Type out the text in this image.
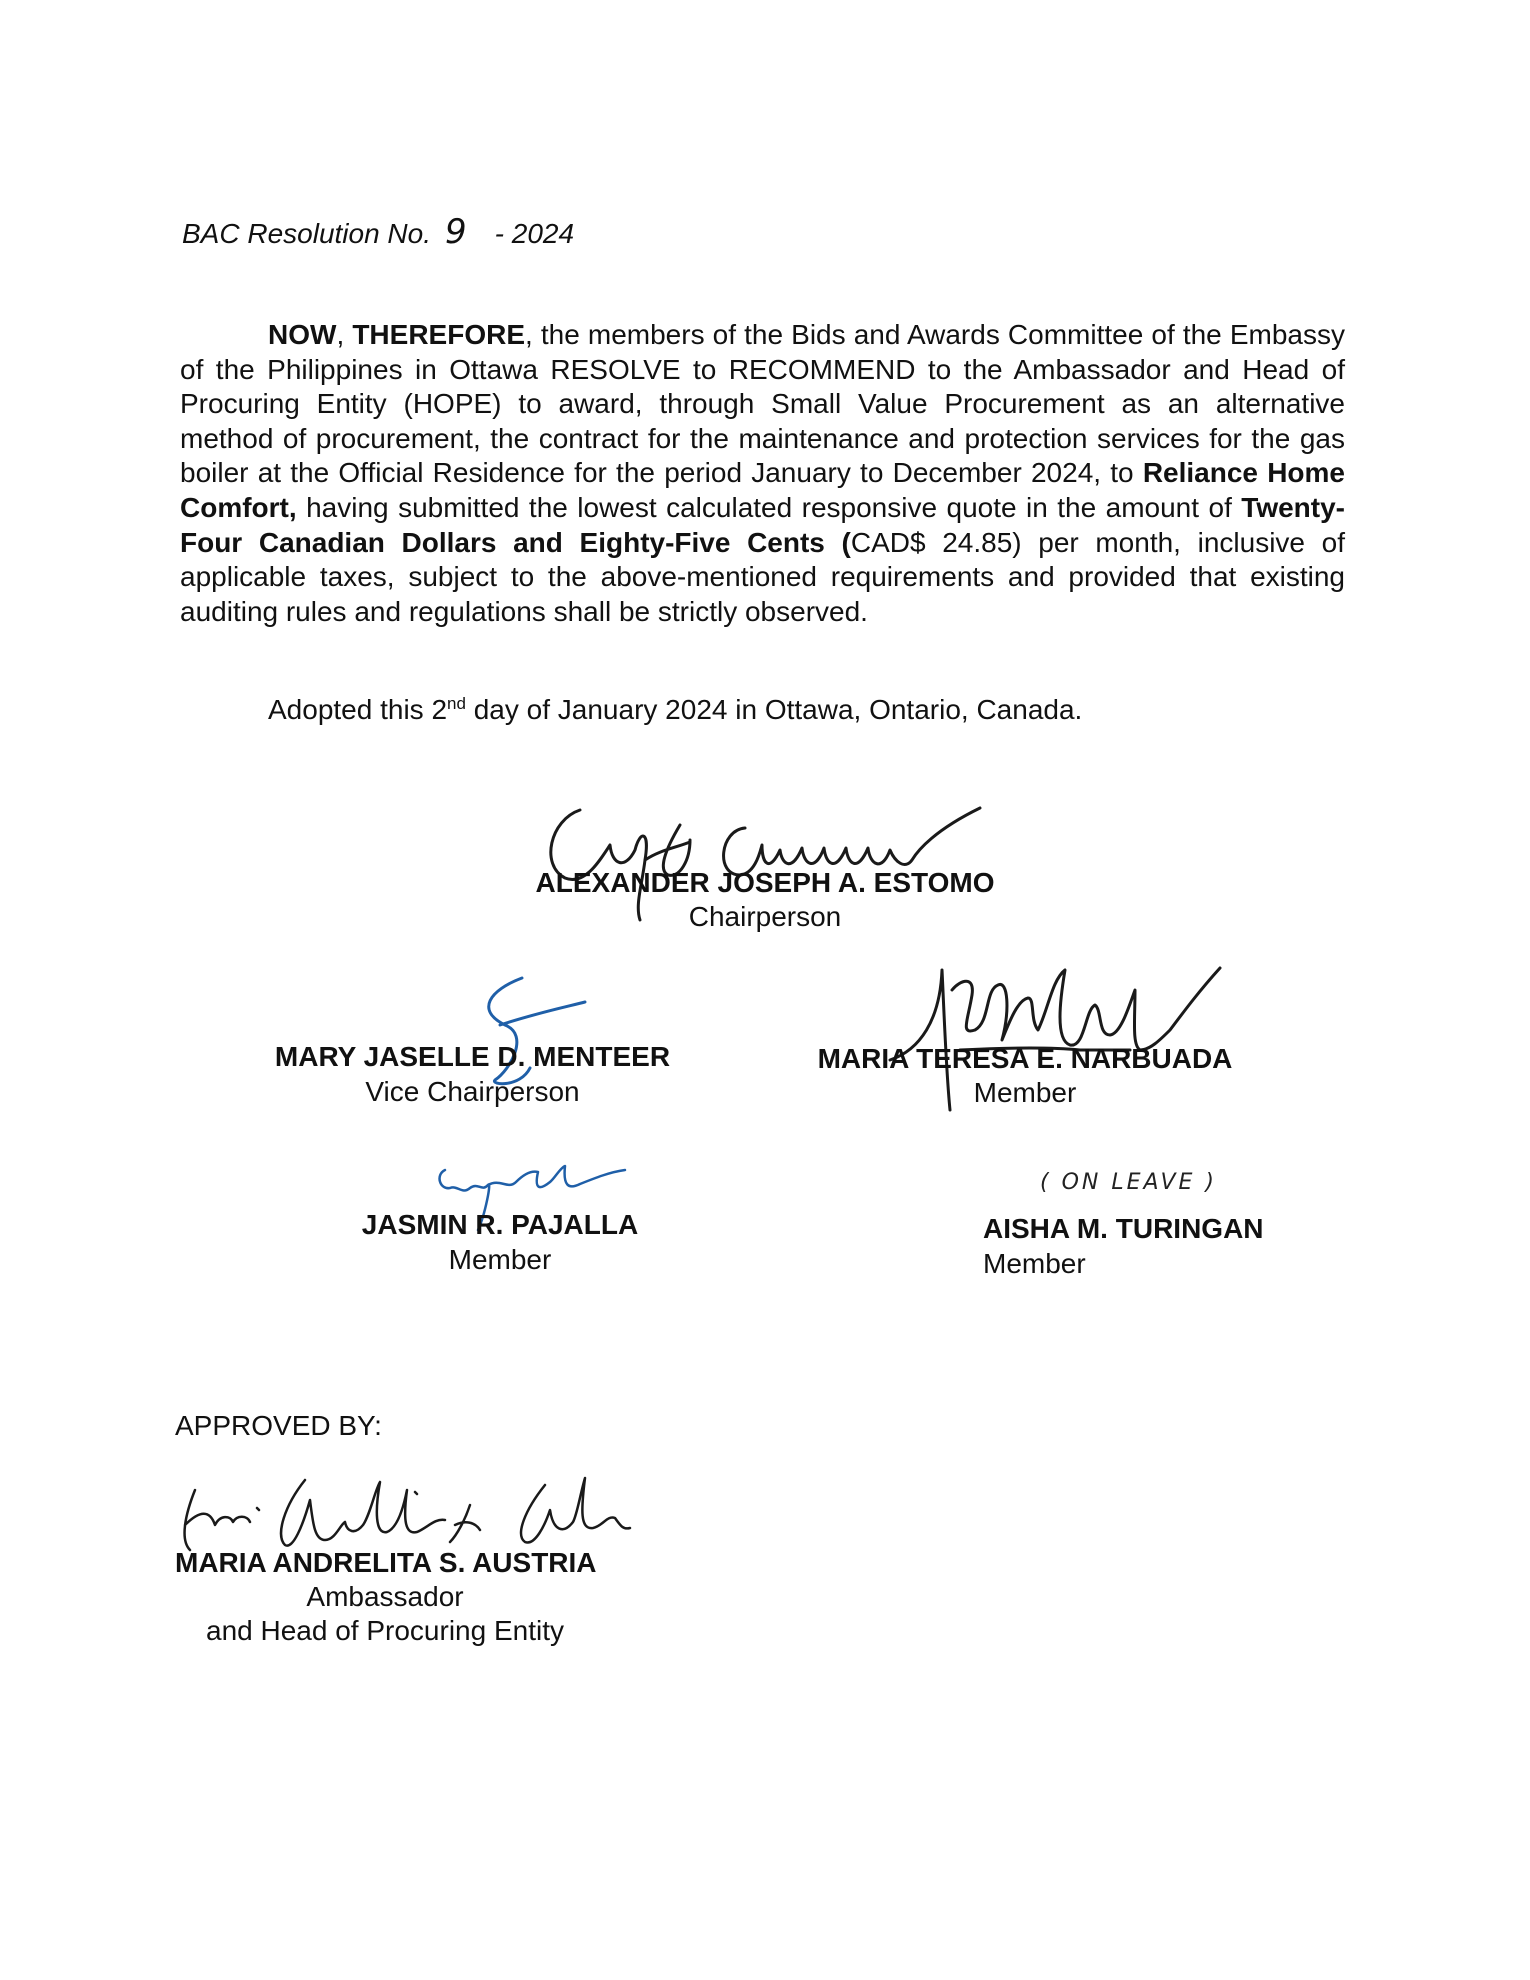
BAC Resolution No. 9 - 2024

NOW, THEREFORE, the members of the Bids and Awards Committee of the Embassy of the Philippines in Ottawa RESOLVE to RECOMMEND to the Ambassador and Head of Procuring Entity (HOPE) to award, through Small Value Procurement as an alternative method of procurement, the contract for the maintenance and protection services for the gas boiler at the Official Residence for the period January to December 2024, to Reliance Home Comfort, having submitted the lowest calculated responsive quote in the amount of Twenty-Four Canadian Dollars and Eighty-Five Cents (CAD$ 24.85) per month, inclusive of applicable taxes, subject to the above-mentioned requirements and provided that existing auditing rules and regulations shall be strictly observed.

Adopted this 2nd day of January 2024 in Ottawa, Ontario, Canada.
ALEXANDER JOSEPH A. ESTOMO
Chairperson
MARY JASELLE D. MENTEER
Vice Chairperson
MARIA TERESA E. NARBUADA
Member
JASMIN R. PAJALLA
Member
( ON LEAVE )
AISHA M. TURINGAN
Member
APPROVED BY:
MARIA ANDRELITA S. AUSTRIA
Ambassador
and Head of Procuring Entity
